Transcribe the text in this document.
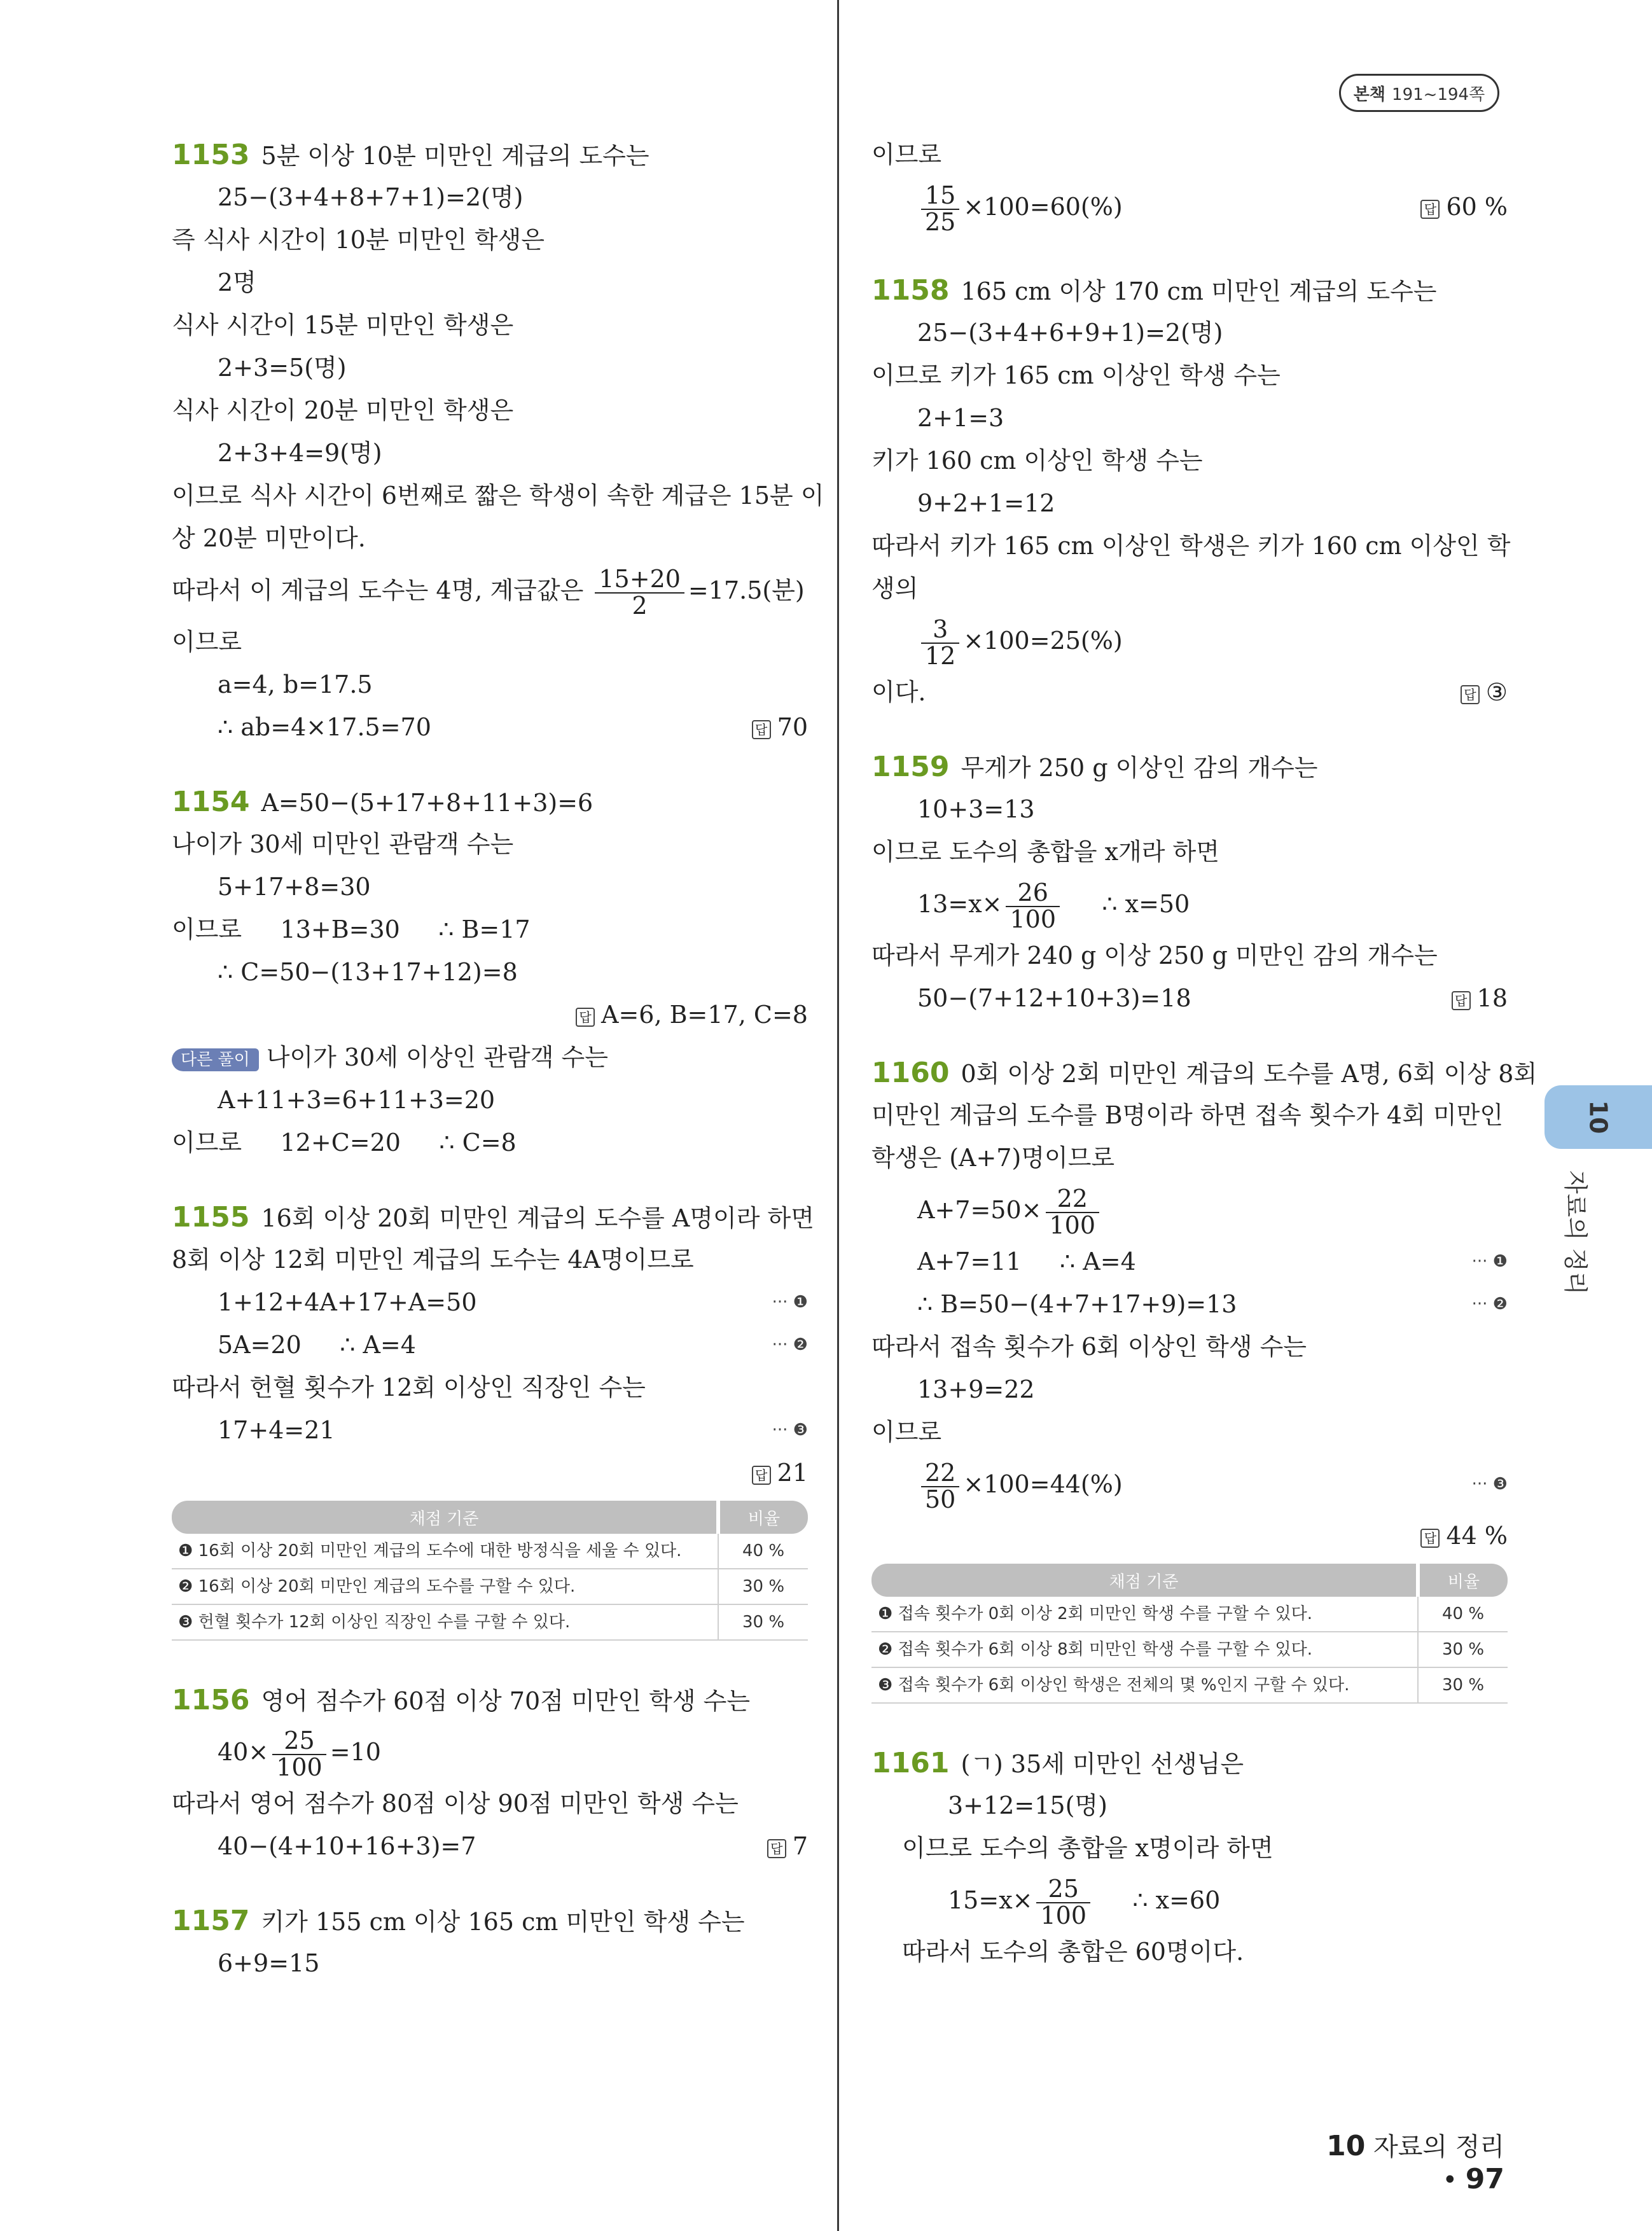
본책 191~194쪽
10
자료의 정리
1153 5분 이상 10분 미만인 계급의 도수는
25−(3+4+8+7+1)=2(명)
즉 식사 시간이 10분 미만인 학생은
2명
식사 시간이 15분 미만인 학생은
2+3=5(명)
식사 시간이 20분 미만인 학생은
2+3+4=9(명)
이므로 식사 시간이 6번째로 짧은 학생이 속한 계급은 15분 이
상 20분 미만이다.
따라서 이 계급의 도수는 4명, 계급값은 $\frac{15+20}{2} =17.5$(분)
이므로
a=4, b=17.5
∴ ab=4×17.5=70	답 70
1154 A=50−(5+17+8+11+3)=6
나이가 30세 미만인 관람객 수는
5+17+8=30
이므로     13+B=30     ∴ B=17
∴ C=50−(13+17+12)=8
답 A=6, B=17, C=8
다른 풀이 나이가 30세 이상인 관람객 수는
A+11+3=6+11+3=20
이므로     12+C=20     ∴ C=8
1155 16회 이상 20회 미만인 계급의 도수를 A명이라 하면
8회 이상 12회 미만인 계급의 도수는 4A명이므로
1+12+4A+17+A=50	··· ❶
5A=20     ∴ A=4	··· ❷
따라서 헌혈 횟수가 12회 이상인 직장인 수는
17+4=21	··· ❸
답 21
채점 기준	비율
❶ 16회 이상 20회 미만인 계급의 도수에 대한 방정식을 세울 수 있다.	40 %
❷ 16회 이상 20회 미만인 계급의 도수를 구할 수 있다.	30 %
❸ 헌혈 횟수가 12회 이상인 직장인 수를 구할 수 있다.	30 %
1156 영어 점수가 60점 이상 70점 미만인 학생 수는
$40\times \frac{25}{100} =10$
따라서 영어 점수가 80점 이상 90점 미만인 학생 수는
40−(4+10+16+3)=7	답 7
1157 키가 155 cm 이상 165 cm 미만인 학생 수는
6+9=15
이므로
$\frac{15}{25} \times 100=60(\%)$	답 60 %
1158 165 cm 이상 170 cm 미만인 계급의 도수는
25−(3+4+6+9+1)=2(명)
이므로 키가 165 cm 이상인 학생 수는
2+1=3
키가 160 cm 이상인 학생 수는
9+2+1=12
따라서 키가 165 cm 이상인 학생은 키가 160 cm 이상인 학
생의
$\frac{3}{12} \times 100=25(\%)$
이다.	답 ③
1159 무게가 250 g 이상인 감의 개수는
10+3=13
이므로 도수의 총합을 x개라 하면
$13=x\times \frac{26}{100}$ ∴ x=50
따라서 무게가 240 g 이상 250 g 미만인 감의 개수는
50−(7+12+10+3)=18	답 18
1160 0회 이상 2회 미만인 계급의 도수를 A명, 6회 이상 8회
미만인 계급의 도수를 B명이라 하면 접속 횟수가 4회 미만인
학생은 (A+7)명이므로
$A+7=50\times \frac{22}{100}$
A+7=11     ∴ A=4	··· ❶
∴ B=50−(4+7+17+9)=13	··· ❷
따라서 접속 횟수가 6회 이상인 학생 수는
13+9=22
이므로
$\frac{22}{50} \times 100=44(\%)$	··· ❸
답 44 %
채점 기준	비율
❶ 접속 횟수가 0회 이상 2회 미만인 학생 수를 구할 수 있다.	40 %
❷ 접속 횟수가 6회 이상 8회 미만인 학생 수를 구할 수 있다.	30 %
❸ 접속 횟수가 6회 이상인 학생은 전체의 몇 %인지 구할 수 있다.	30 %
1161 (ㄱ) 35세 미만인 선생님은
3+12=15(명)
이므로 도수의 총합을 x명이라 하면
$15=x\times \frac{25}{100}$ ∴ x=60
따라서 도수의 총합은 60명이다.
10 자료의 정리 • 97
